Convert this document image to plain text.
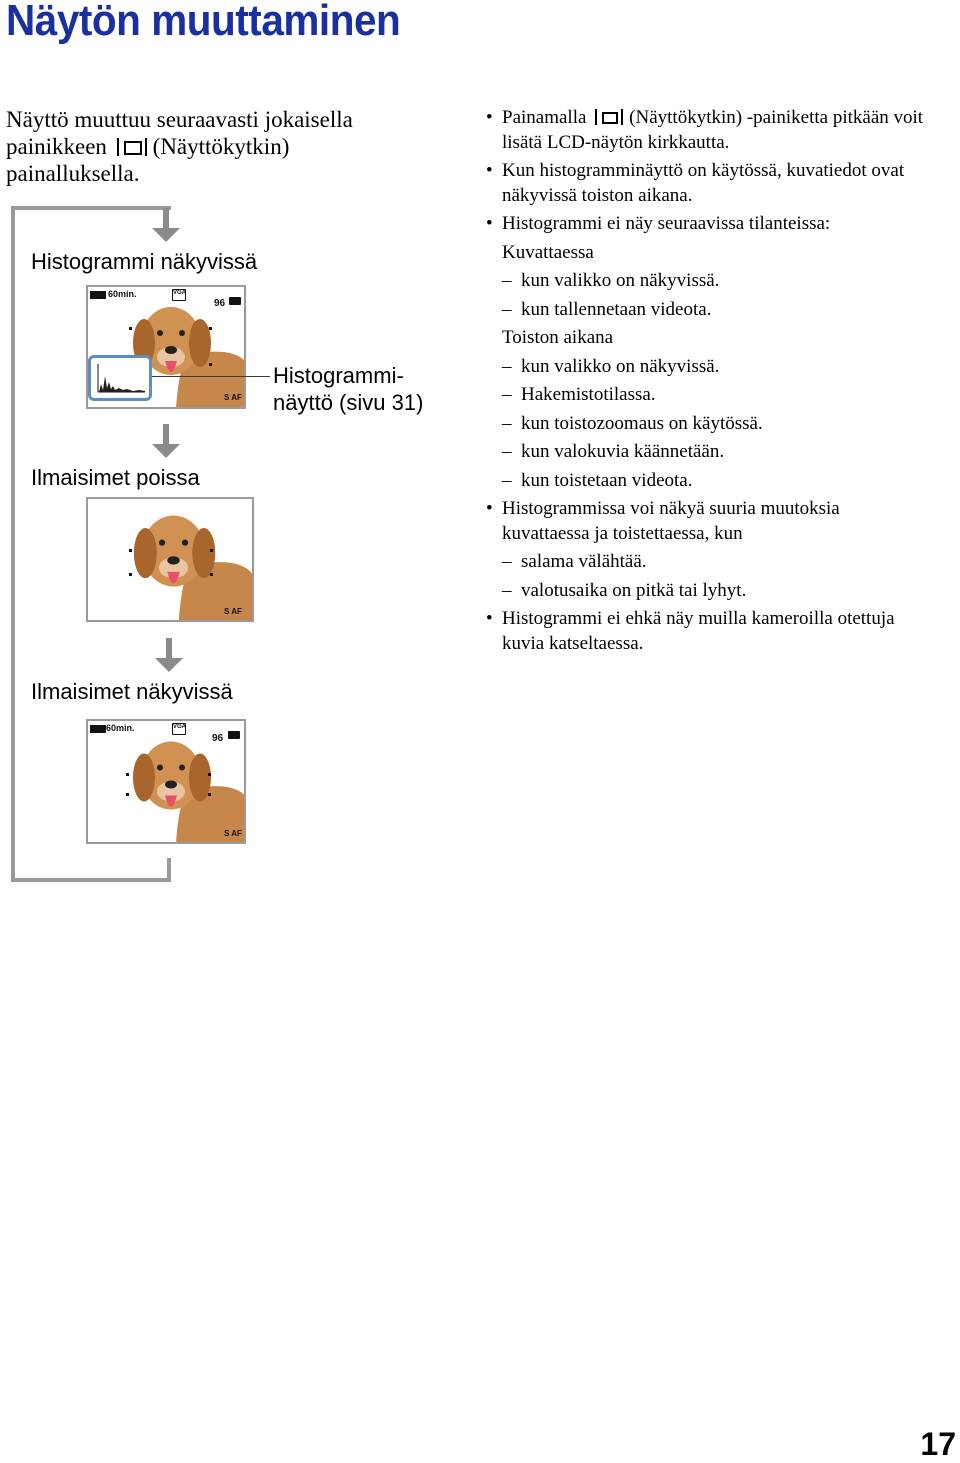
Näytön muuttaminen
Näyttö muuttuu seuraavasti jokaisella painikkeen (Näyttökytkin) painalluksella.
Histogrammi näkyvissä
Ilmaisimet poissa
Ilmaisimet näkyvissä
60min.	VGA
96
S AF
Histogrammi-
näyttö (sivu 31)
S AF
60min.	VGA
96
S AF
• Painamalla (Näyttökytkin) -painiketta pitkään voit lisätä LCD-näytön kirkkautta.
• Kun histogramminäyttö on käytössä, kuvatiedot ovat näkyvissä toiston aikana.
• Histogrammi ei näy seuraavissa tilanteissa:
Kuvattaessa
– kun valikko on näkyvissä.
– kun tallennetaan videota.
Toiston aikana
– kun valikko on näkyvissä.
– Hakemistotilassa.
– kun toistozoomaus on käytössä.
– kun valokuvia käännetään.
– kun toistetaan videota.
• Histogrammissa voi näkyä suuria muutoksia kuvattaessa ja toistettaessa, kun
– salama välähtää.
– valotusaika on pitkä tai lyhyt.
• Histogrammi ei ehkä näy muilla kameroilla otettuja kuvia katseltaessa.
17
